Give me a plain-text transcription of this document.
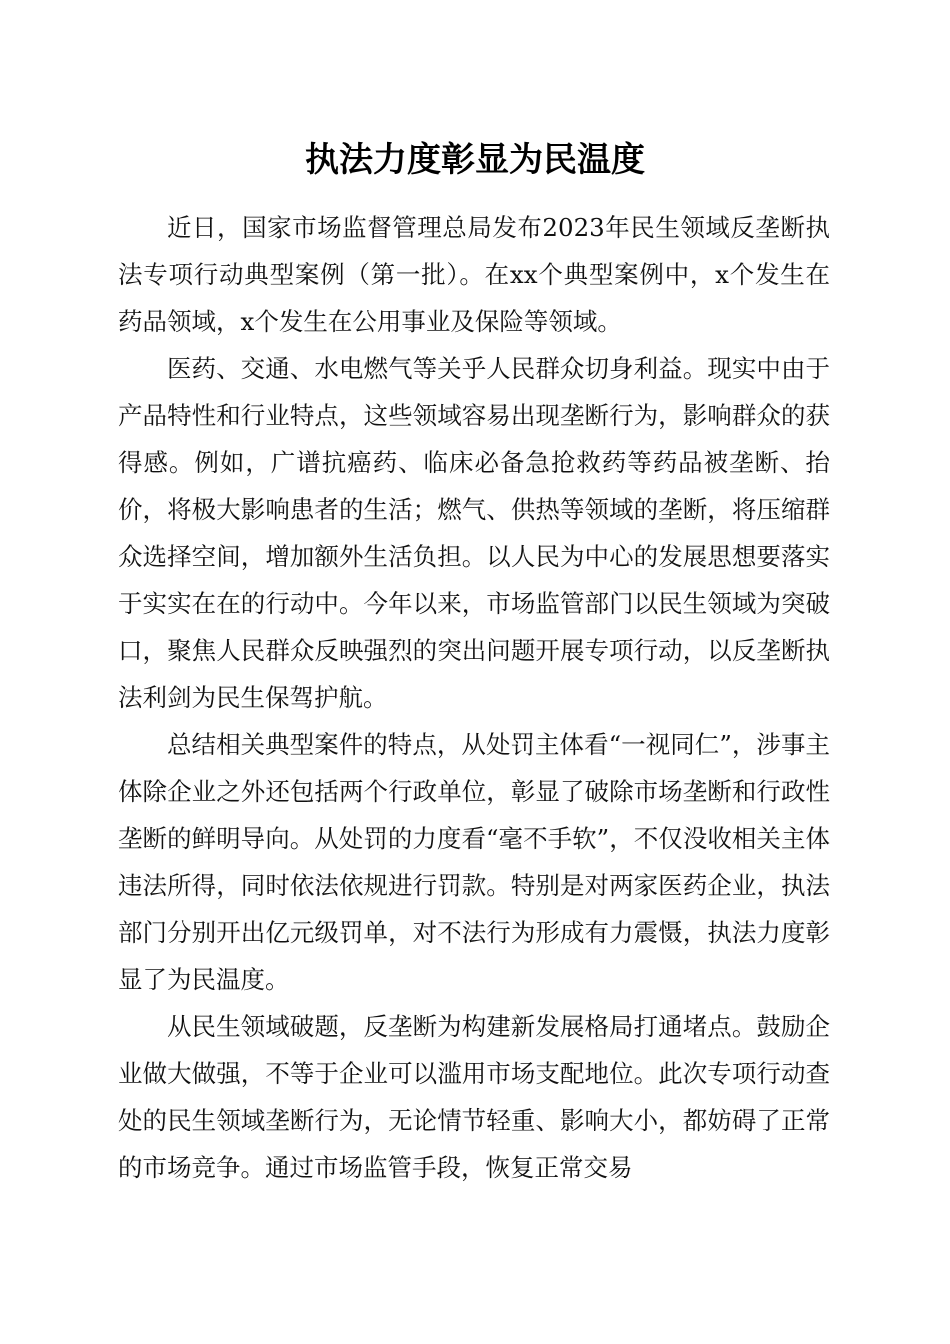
执法力度彰显为民温度

近日，国家市场监督管理总局发布2023年民生领域反垄断执法专项行动典型案例（第一批）。在xx个典型案例中，x个发生在药品领域，x个发生在公用事业及保险等领域。

医药、交通、水电燃气等关乎人民群众切身利益。现实中由于产品特性和行业特点，这些领域容易出现垄断行为，影响群众的获得感。例如，广谱抗癌药、临床必备急抢救药等药品被垄断、抬价，将极大影响患者的生活；燃气、供热等领域的垄断，将压缩群众选择空间，增加额外生活负担。以人民为中心的发展思想要落实于实实在在的行动中。今年以来，市场监管部门以民生领域为突破口，聚焦人民群众反映强烈的突出问题开展专项行动，以反垄断执法利剑为民生保驾护航。

总结相关典型案件的特点，从处罚主体看“一视同仁”，涉事主体除企业之外还包括两个行政单位，彰显了破除市场垄断和行政性垄断的鲜明导向。从处罚的力度看“毫不手软”，不仅没收相关主体违法所得，同时依法依规进行罚款。特别是对两家医药企业，执法部门分别开出亿元级罚单，对不法行为形成有力震慑，执法力度彰显了为民温度。

从民生领域破题，反垄断为构建新发展格局打通堵点。鼓励企业做大做强，不等于企业可以滥用市场支配地位。此次专项行动查处的民生领域垄断行为，无论情节轻重、影响大小，都妨碍了正常的市场竞争。通过市场监管手段，恢复正常交易
